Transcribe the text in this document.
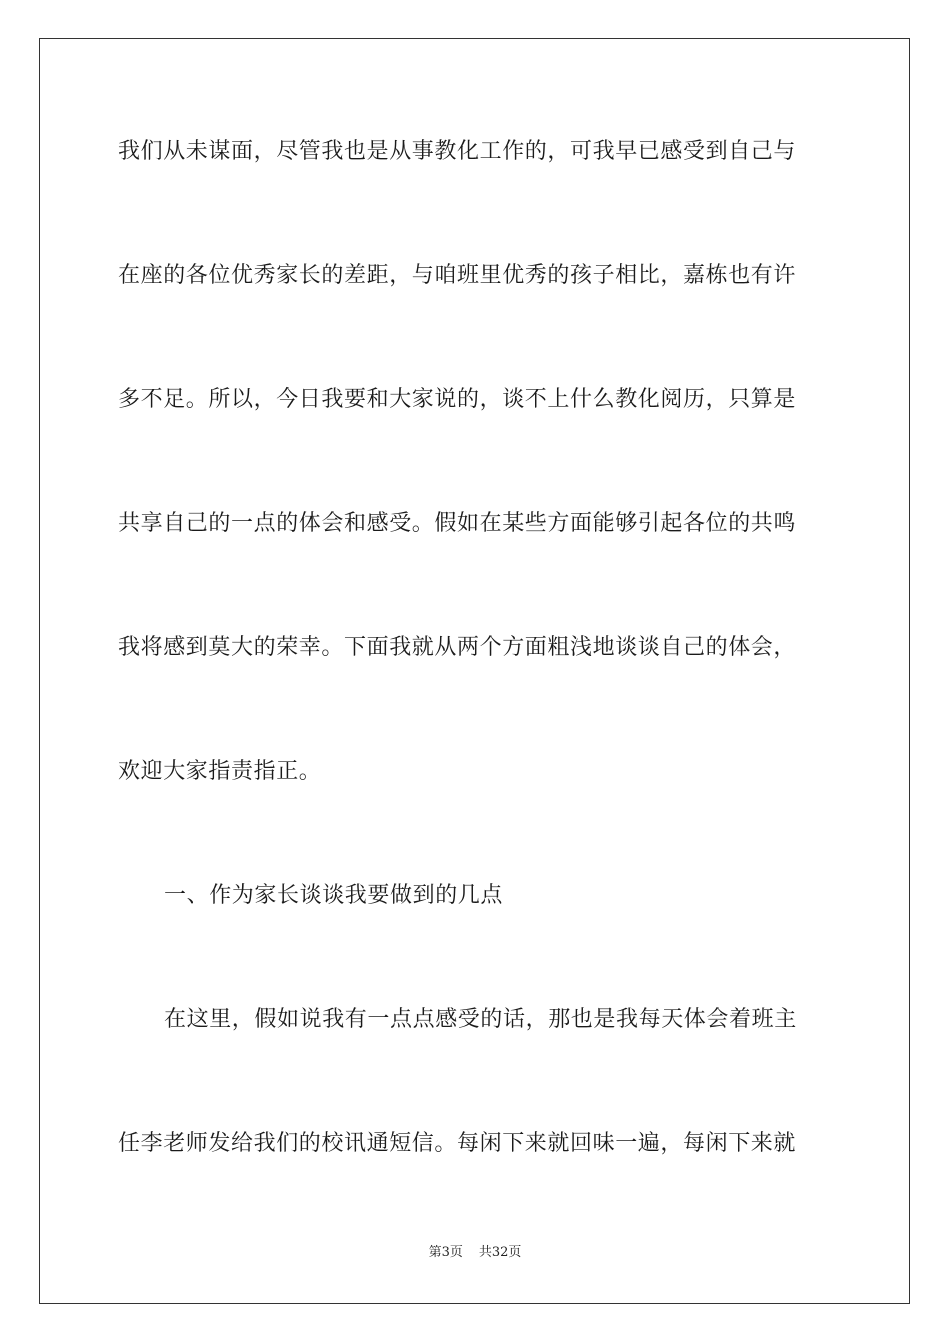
我们从未谋面，尽管我也是从事教化工作的，可我早已感受到自己与
在座的各位优秀家长的差距，与咱班里优秀的孩子相比，嘉栋也有许
多不足。所以，今日我要和大家说的，谈不上什么教化阅历，只算是
共享自己的一点的体会和感受。假如在某些方面能够引起各位的共鸣
我将感到莫大的荣幸。下面我就从两个方面粗浅地谈谈自己的体会，
欢迎大家指责指正。
一、作为家长谈谈我要做到的几点
在这里，假如说我有一点点感受的话，那也是我每天体会着班主
任李老师发给我们的校讯通短信。每闲下来就回味一遍，每闲下来就
第3页 共32页
